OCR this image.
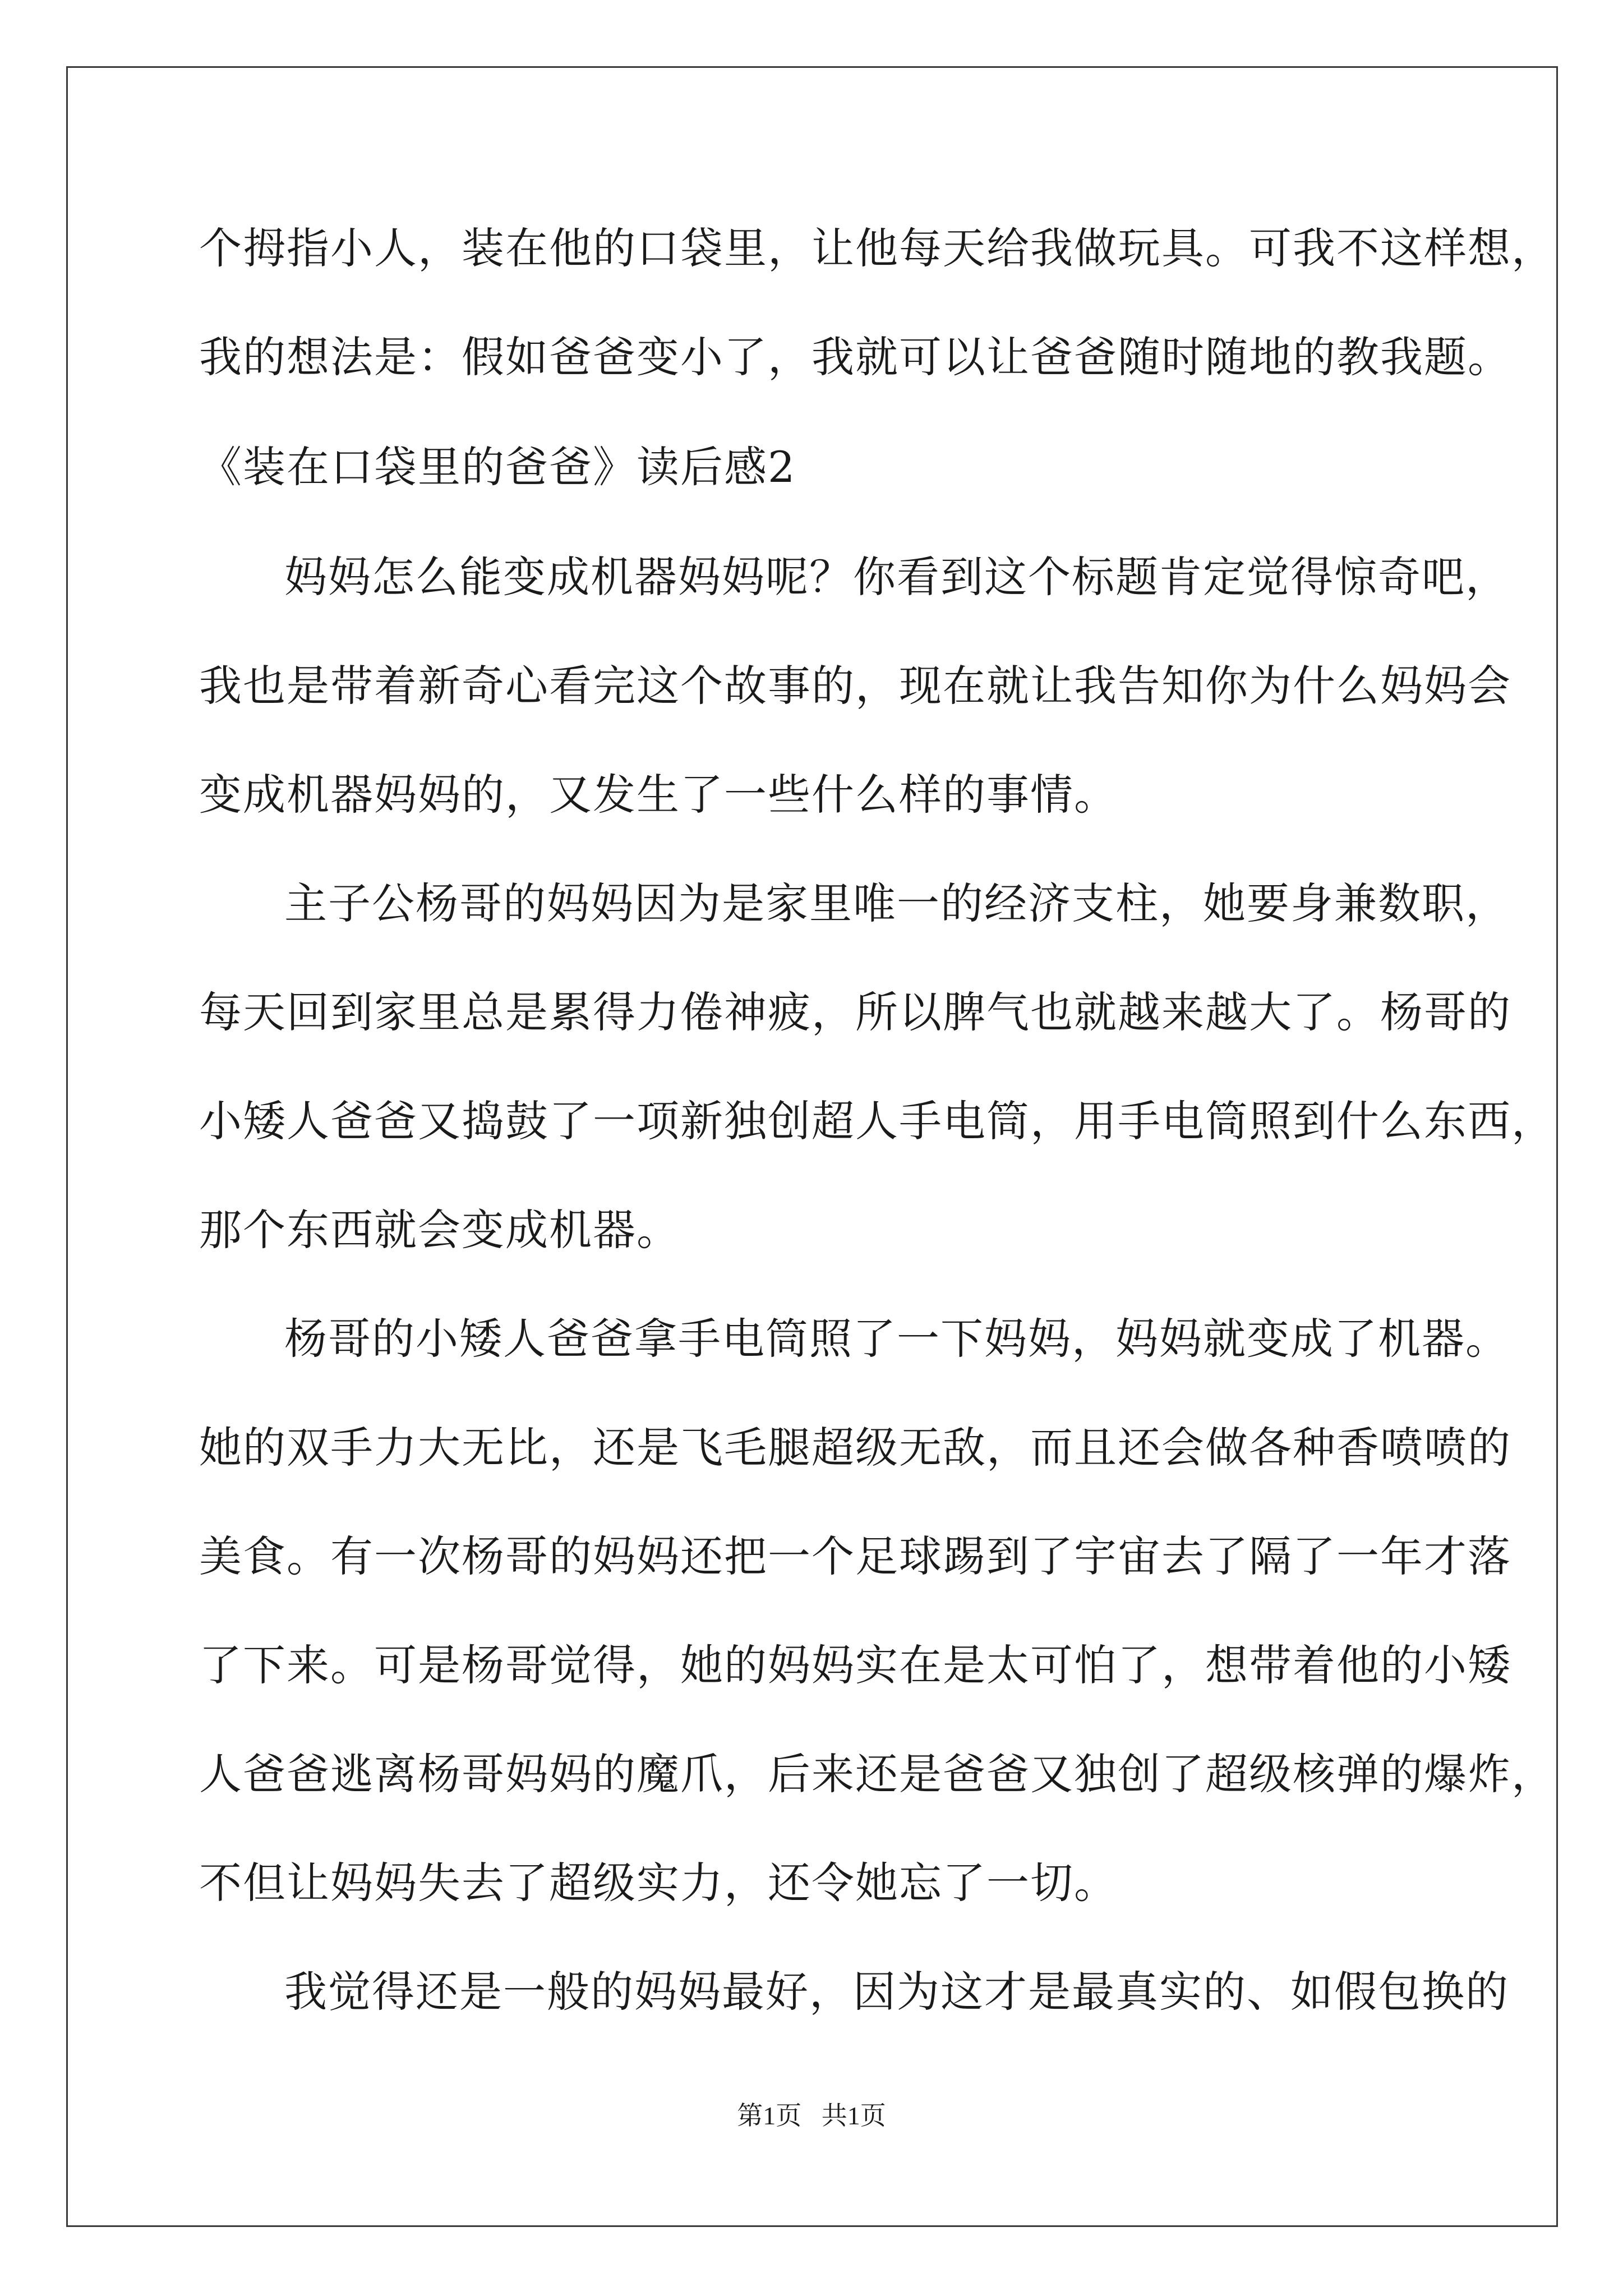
个拇指小人，装在他的口袋里，让他每天给我做玩具。可我不这样想，
我的想法是：假如爸爸变小了，我就可以让爸爸随时随地的教我题。
《装在口袋里的爸爸》读后感2
妈妈怎么能变成机器妈妈呢？你看到这个标题肯定觉得惊奇吧，
我也是带着新奇心看完这个故事的，现在就让我告知你为什么妈妈会
变成机器妈妈的，又发生了一些什么样的事情。
主子公杨哥的妈妈因为是家里唯一的经济支柱，她要身兼数职，
每天回到家里总是累得力倦神疲，所以脾气也就越来越大了。杨哥的
小矮人爸爸又捣鼓了一项新独创超人手电筒，用手电筒照到什么东西，
那个东西就会变成机器。
杨哥的小矮人爸爸拿手电筒照了一下妈妈，妈妈就变成了机器。
她的双手力大无比，还是飞毛腿超级无敌，而且还会做各种香喷喷的
美食。有一次杨哥的妈妈还把一个足球踢到了宇宙去了隔了一年才落
了下来。可是杨哥觉得，她的妈妈实在是太可怕了，想带着他的小矮
人爸爸逃离杨哥妈妈的魔爪，后来还是爸爸又独创了超级核弹的爆炸，
不但让妈妈失去了超级实力，还令她忘了一切。
我觉得还是一般的妈妈最好，因为这才是最真实的、如假包换的
第1页 共1页
